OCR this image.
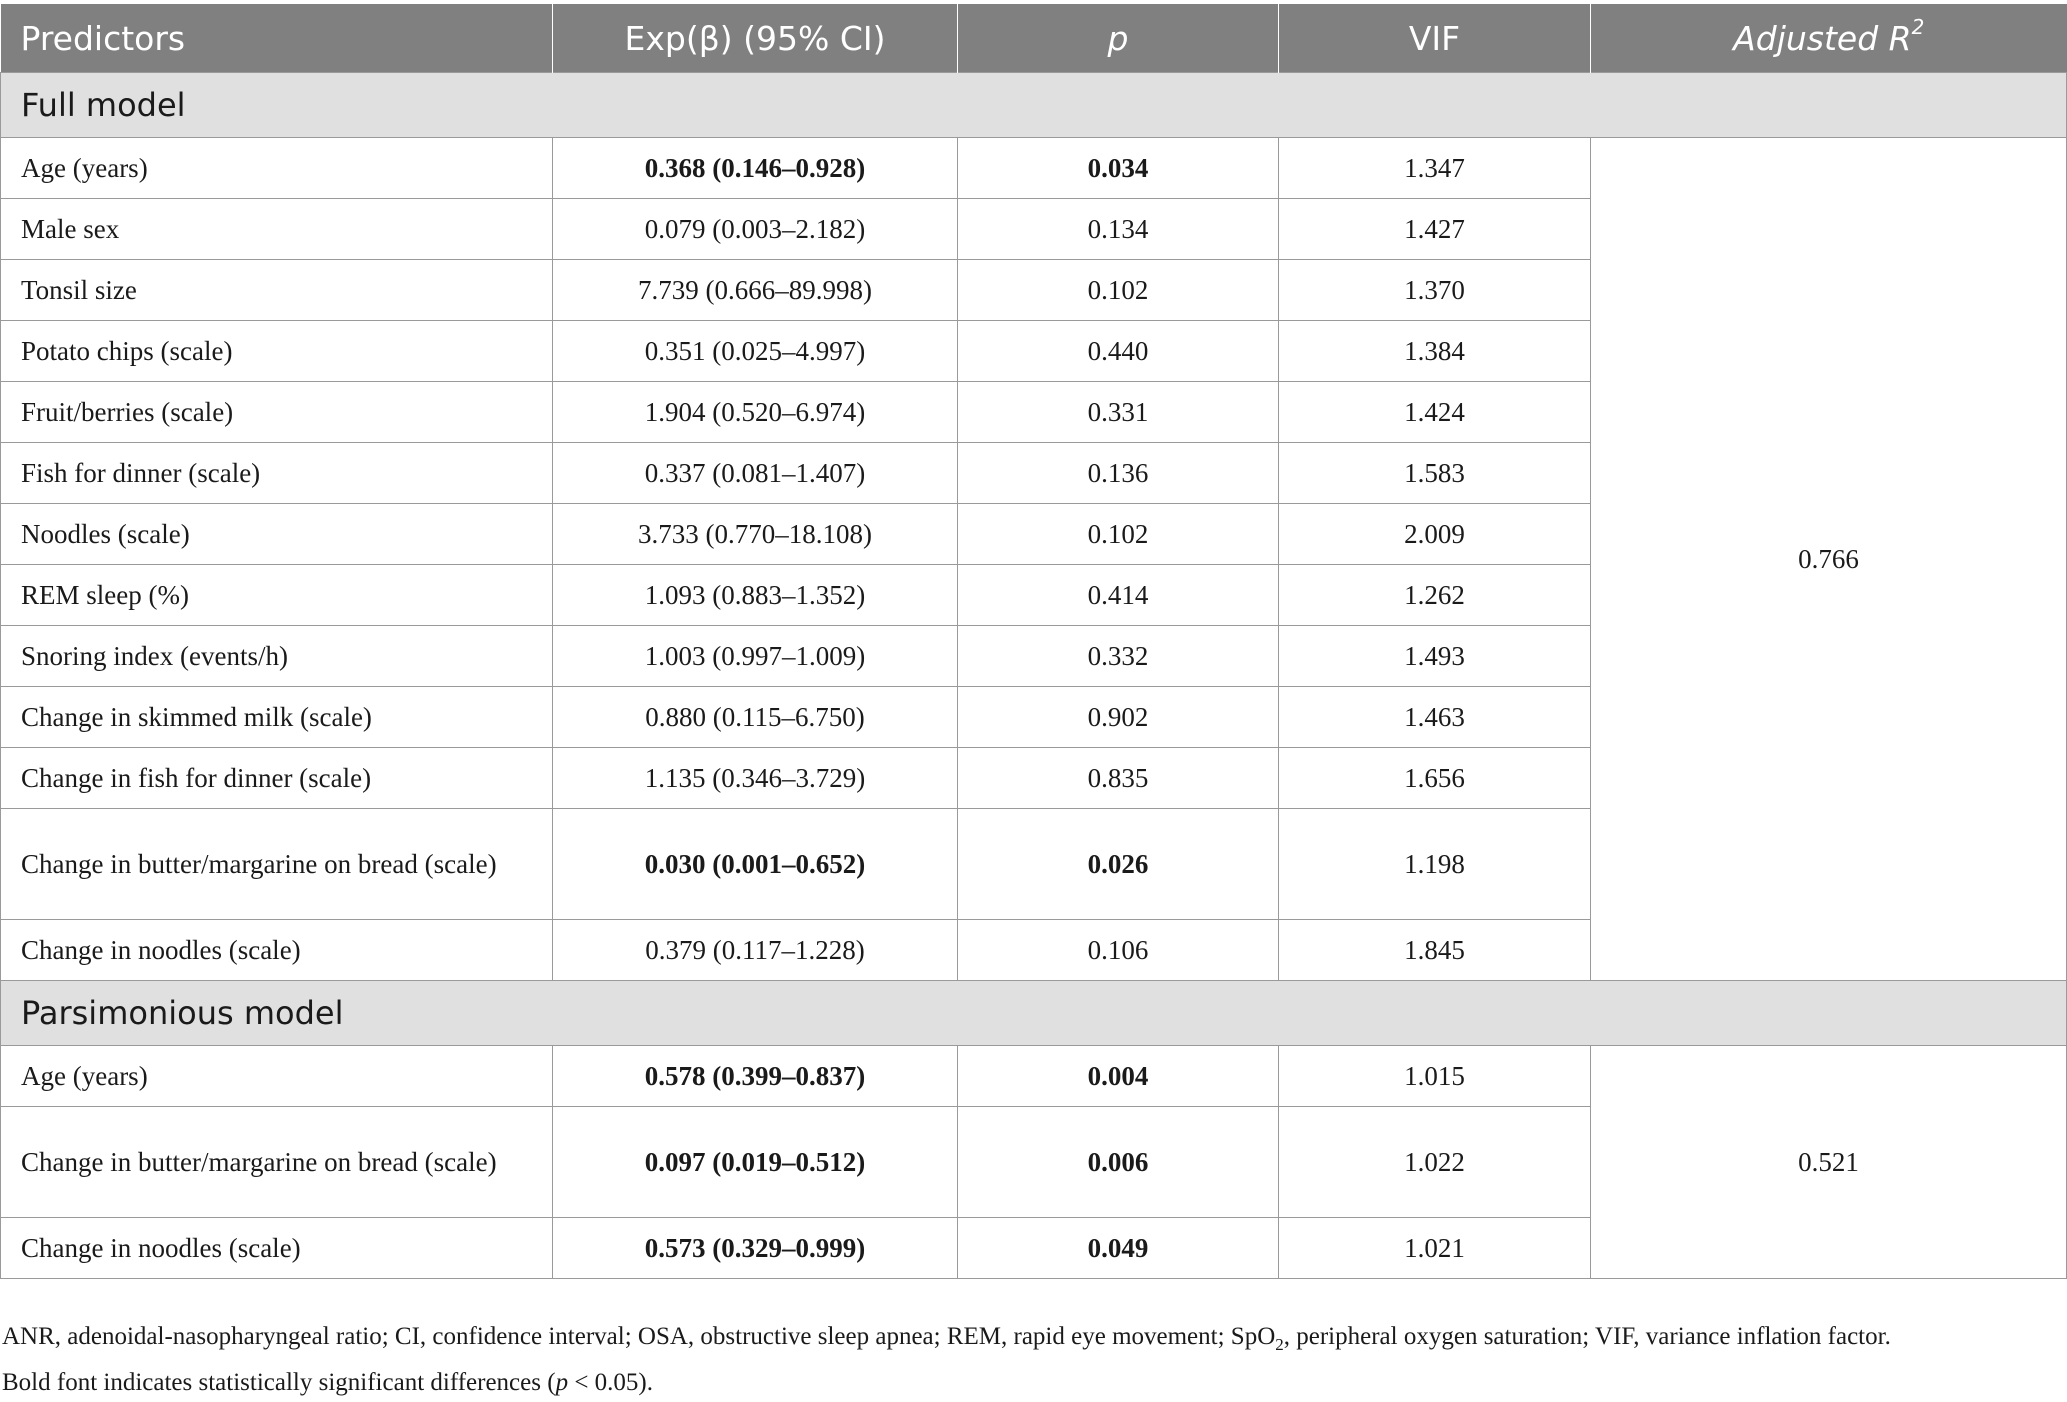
Predictors	Exp(β) (95% CI)	p	VIF	Adjusted $R^2$
Full model				
Age (years)	0.368 (0.146–0.928)	0.034	1.347	0.766
Male sex	0.079 (0.003–2.182)	0.134	1.427	
Tonsil size	7.739 (0.666–89.998)	0.102	1.370	
Potato chips (scale)	0.351 (0.025–4.997)	0.440	1.384	
Fruit/berries (scale)	1.904 (0.520–6.974)	0.331	1.424	
Fish for dinner (scale)	0.337 (0.081–1.407)	0.136	1.583	
Noodles (scale)	3.733 (0.770–18.108)	0.102	2.009	
REM sleep (%)	1.093 (0.883–1.352)	0.414	1.262	
Snoring index (events/h)	1.003 (0.997–1.009)	0.332	1.493	
Change in skimmed milk (scale)	0.880 (0.115–6.750)	0.902	1.463	
Change in fish for dinner (scale)	1.135 (0.346–3.729)	0.835	1.656	
Change in butter/margarine on bread (scale)	0.030 (0.001–0.652)	0.026	1.198	
Change in noodles (scale)	0.379 (0.117–1.228)	0.106	1.845	
Parsimonious model				
Age (years)	0.578 (0.399–0.837)	0.004	1.015	0.521
Change in butter/margarine on bread (scale)	0.097 (0.019–0.512)	0.006	1.022	
Change in noodles (scale)	0.573 (0.329–0.999)	0.049	1.021	
ANR, adenoidal-nasopharyngeal ratio; CI, confidence interval; OSA, obstructive sleep apnea; REM, rapid eye movement; SpO$_2$, peripheral oxygen saturation; VIF, variance inflation factor.
Bold font indicates statistically significant differences (p < 0.05).
